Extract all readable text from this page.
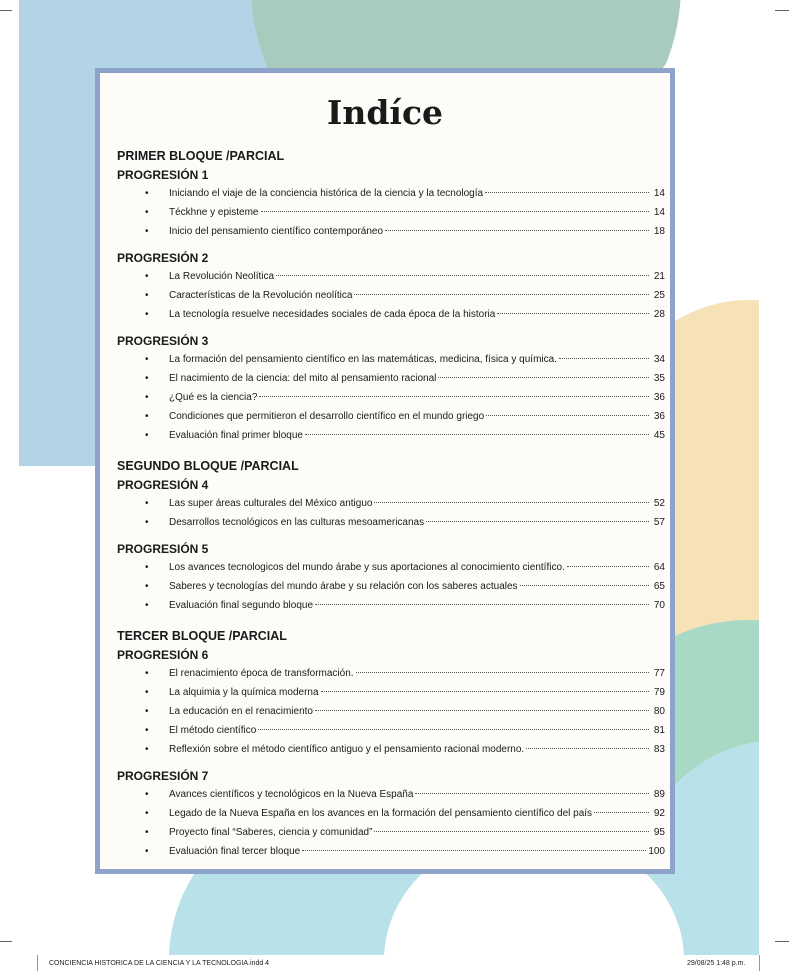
Indíce
PRIMER BLOQUE /PARCIAL
PROGRESIÓN 1
•	Iniciando el viaje de la conciencia histórica de la ciencia y la tecnología	14
•	Téckhne y episteme	14
•	Inicio del pensamiento científico contemporáneo	18
PROGRESIÓN 2
•	La Revolución Neolítica	21
•	Características de la Revolución neolítica	25
•	La tecnología resuelve necesidades sociales de cada época de la historia	28
PROGRESIÓN 3
•	La formación del pensamiento científico en las matemáticas, medicina, física y química.	34
•	El nacimiento de la ciencia: del mito al pensamiento racional	35
•	¿Qué es la ciencia?	36
•	Condiciones que permitieron el desarrollo científico en el mundo griego	36
•	Evaluación final primer bloque	45
SEGUNDO BLOQUE /PARCIAL
PROGRESIÓN 4
•	Las super áreas culturales del México antiguo	52
•	Desarrollos tecnológicos en las culturas mesoamericanas	57
PROGRESIÓN 5
•	Los avances tecnologicos del mundo árabe y sus aportaciones al conocimiento científico.	64
•	Saberes y tecnologías del mundo árabe y su relación con los saberes actuales	65
•	Evaluación final segundo bloque	70
TERCER BLOQUE /PARCIAL
PROGRESIÓN 6
•	El renacimiento época de transformación.	77
•	La alquimia y la química moderna	79
•	La educación en el renacimiento	80
•	El método científico	81
•	Reflexión sobre el método científico antiguo y el pensamiento racional moderno.	83
PROGRESIÓN 7
•	Avances científicos y tecnológicos en la Nueva España	89
•	Legado de la Nueva España en los avances en la formación del pensamiento científico del país	92
•	Proyecto final “Saberes, ciencia y comunidad”	95
•	Evaluación final tercer bloque	100
CONCIENCIA HISTORICA DE LA CIENCIA Y LA TECNOLOGIA.indd 4	29/08/25 1:48 p.m.
